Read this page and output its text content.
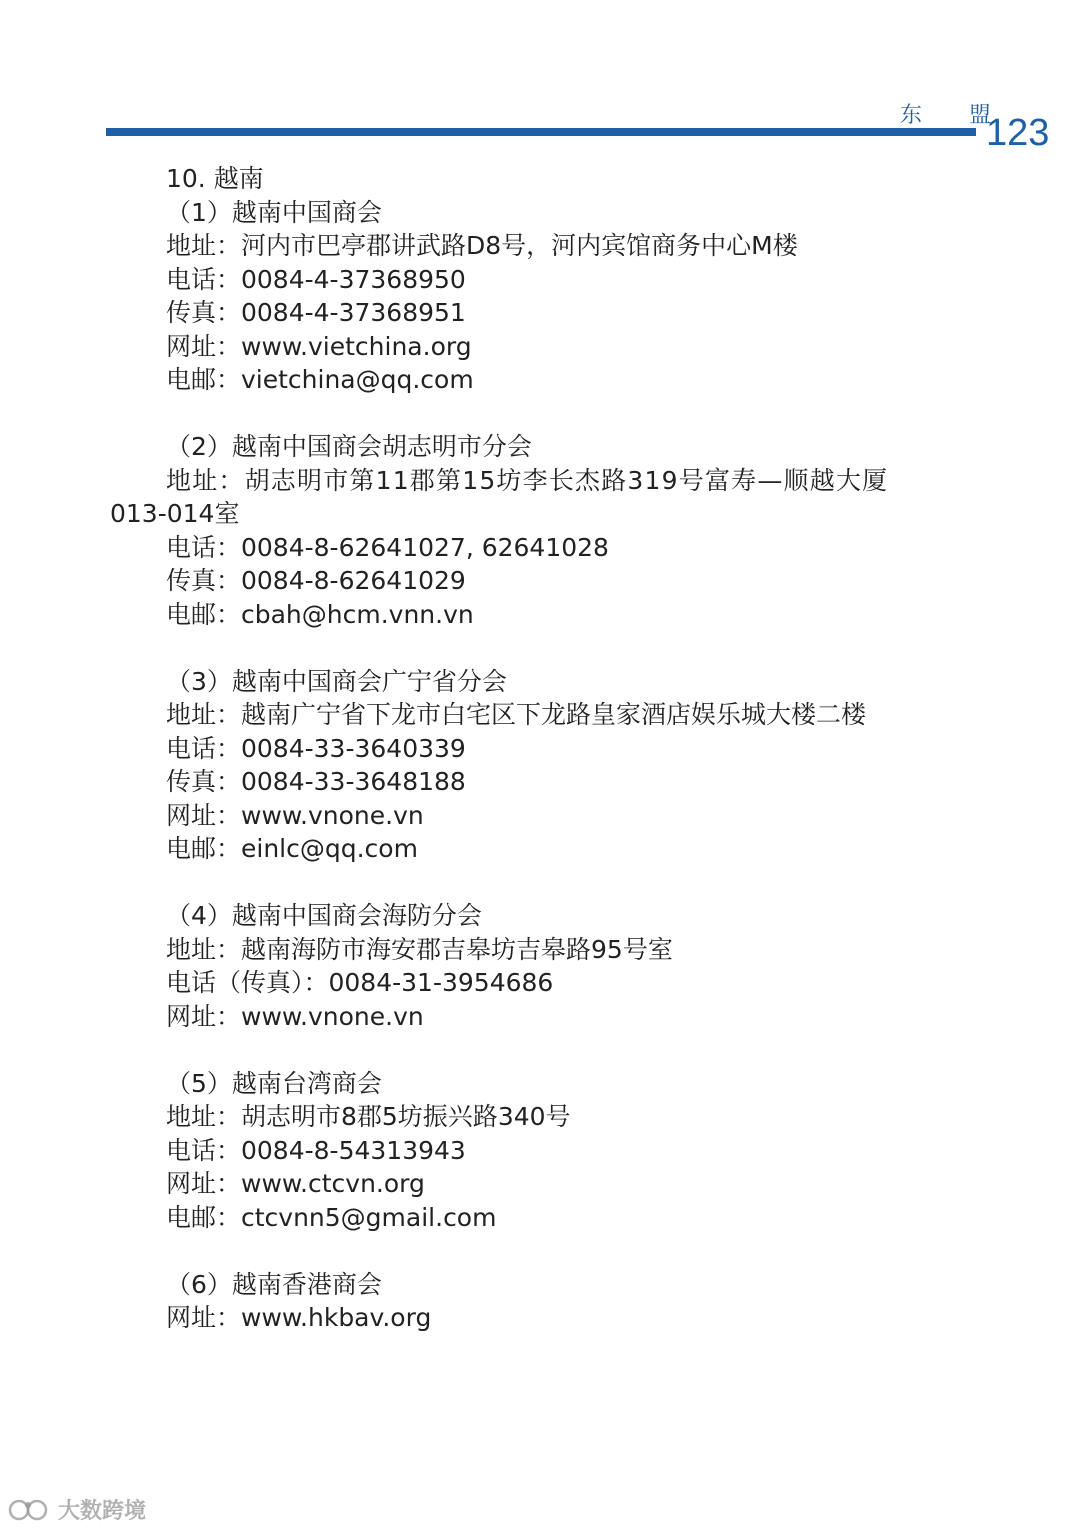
东 盟
123
10. 越南
（1）越南中国商会
地址：河内市巴亭郡讲武路D8号，河内宾馆商务中心M楼
电话：0084-4-37368950
传真：0084-4-37368951
网址：www.vietchina.org
电邮：vietchina@qq.com
（2）越南中国商会胡志明市分会
地址：胡志明市第11郡第15坊李长杰路319号富寿—顺越大厦
013-014室
电话：0084-8-62641027, 62641028
传真：0084-8-62641029
电邮：cbah@hcm.vnn.vn
（3）越南中国商会广宁省分会
地址：越南广宁省下龙市白宅区下龙路皇家酒店娱乐城大楼二楼
电话：0084-33-3640339
传真：0084-33-3648188
网址：www.vnone.vn
电邮：einlc@qq.com
（4）越南中国商会海防分会
地址：越南海防市海安郡吉皋坊吉皋路95号室
电话（传真）：0084-31-3954686
网址：www.vnone.vn
（5）越南台湾商会
地址：胡志明市8郡5坊振兴路340号
电话：0084-8-54313943
网址：www.ctcvn.org
电邮：ctcvnn5@gmail.com
（6）越南香港商会
网址：www.hkbav.org
大数跨境
